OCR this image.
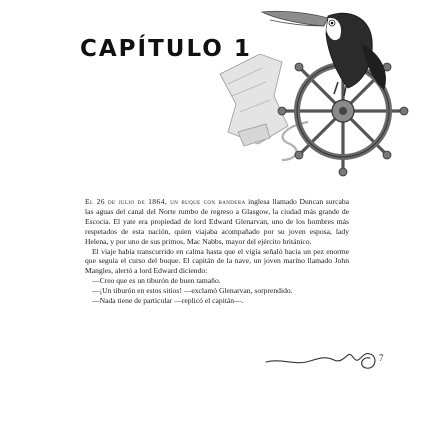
CAPÍTULO 1

El 26 de julio de 1864, un buque con bandera inglesa llamado Duncan surcaba las aguas del canal del Norte rumbo de regreso a Glasgow, la ciudad más grande de Escocia. El yate era propiedad de lord Edward Glenarvan, uno de los hombres más respetados de esta nación, quien viajaba acompañado por su joven esposa, lady Helena, y por uno de sus primos, Mac Nabbs, mayor del ejército británico.

El viaje había transcurrido en calma hasta que el vigía señaló hacia un pez enorme que seguía el curso del buque. El capitán de la nave, un joven marino llamado John Mangles, alertó a lord Edward diciendo:

—Creo que es un tiburón de buen tamaño.

—¡Un tiburón en estos sitios! —exclamó Glenarvan, sorprendido.

—Nada tiene de particular —replicó el capitán—.

7
